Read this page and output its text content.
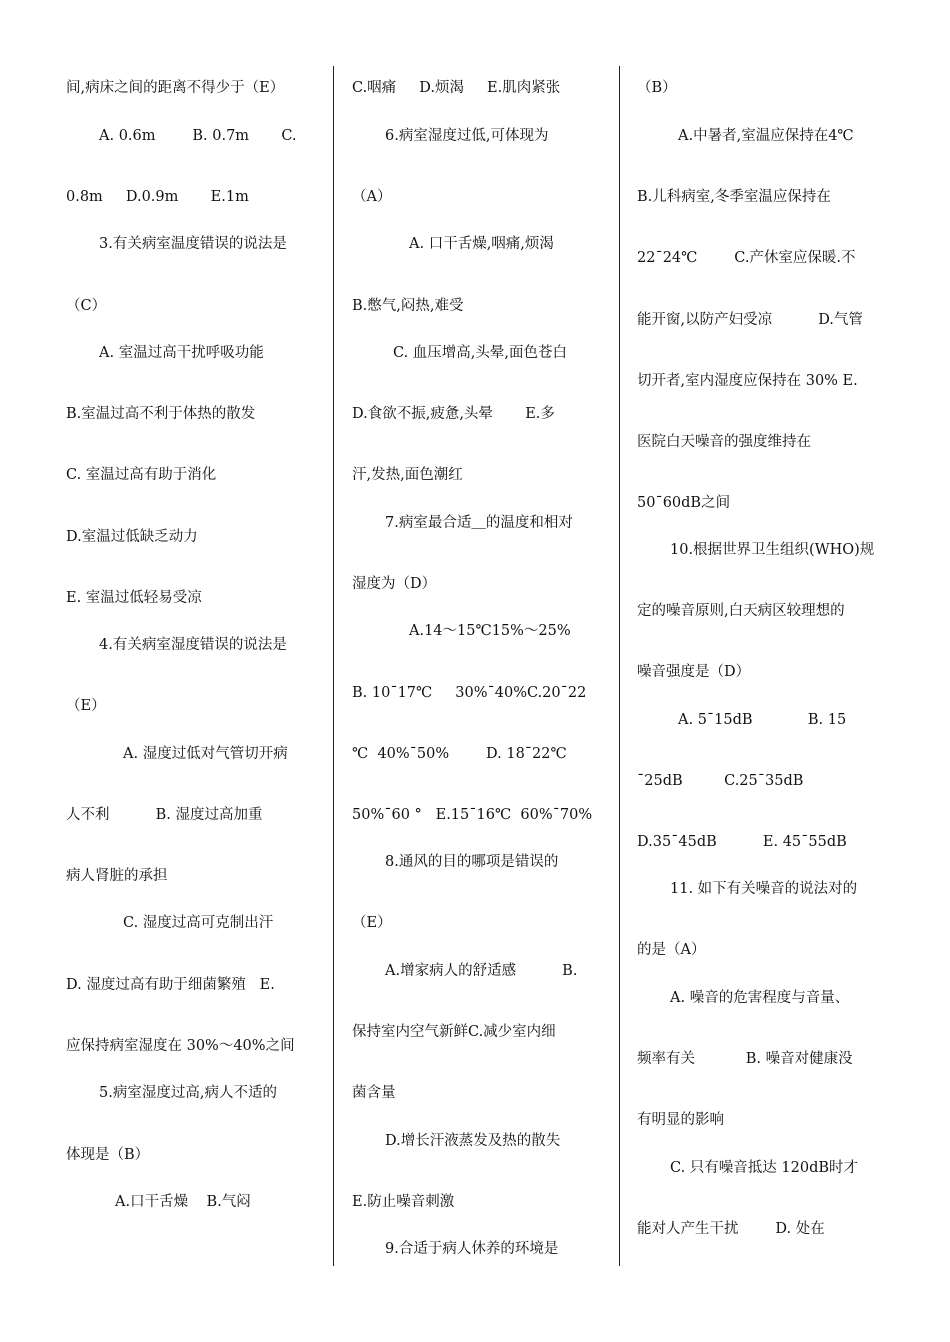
间,病床之间的距离不得少于（E）
A. 0.6m        B. 0.7m       C.
0.8m     D.0.9m       E.1m
3.有关病室温度错误的说法是
（C）
A. 室温过高干扰呼吸功能
B.室温过高不利于体热的散发
C. 室温过高有助于消化
D.室温过低缺乏动力
E. 室温过低轻易受凉
4.有关病室湿度错误的说法是
（E）
A. 湿度过低对气管切开病
人不利          B. 湿度过高加重
病人肾脏的承担
C. 湿度过高可克制出汗
D. 湿度过高有助于细菌繁殖   E.
应保持病室湿度在 30%～40%之间
5.病室湿度过高,病人不适的
体现是（B）
A.口干舌燥    B.气闷
C.咽痛     D.烦渴     E.肌肉紧张
6.病室湿度过低,可体现为
（A）
A. 口干舌燥,咽痛,烦渴
B.憋气,闷热,难受
C. 血压增高,头晕,面色苍白
D.食欲不振,疲惫,头晕       E.多
汗,发热,面色潮红
7.病室最合适＿的温度和相对
湿度为（D）
A.14～15℃15%～25%
B. 10¯17℃     30%¯40%C.20¯22
℃  40%¯50%        D. 18¯22℃
50%¯60 °   E.15¯16℃  60%¯70%
8.通风的目的哪项是错误的
（E）
A.增家病人的舒适感          B.
保持室内空气新鲜C.减少室内细
菌含量
D.增长汗液蒸发及热的散失
E.防止噪音刺激
9.合适于病人休养的环境是
（B）
A.中暑者,室温应保持在4℃
B.儿科病室,冬季室温应保持在
22¯24℃        C.产休室应保暖.不
能开窗,以防产妇受凉          D.气管
切开者,室内湿度应保持在 30% E.
医院白天噪音的强度维持在
50¯60dB之间
10.根据世界卫生组织(WHO)规
定的噪音原则,白天病区较理想的
噪音强度是（D）
A. 5¯15dB            B. 15
¯25dB         C.25¯35dB
D.35¯45dB          E. 45¯55dB
11. 如下有关噪音的说法对的
的是（A）
A. 噪音的危害程度与音量、
频率有关           B. 噪音对健康没
有明显的影响
C. 只有噪音抵达 120dB时才
能对人产生干扰        D. 处在
